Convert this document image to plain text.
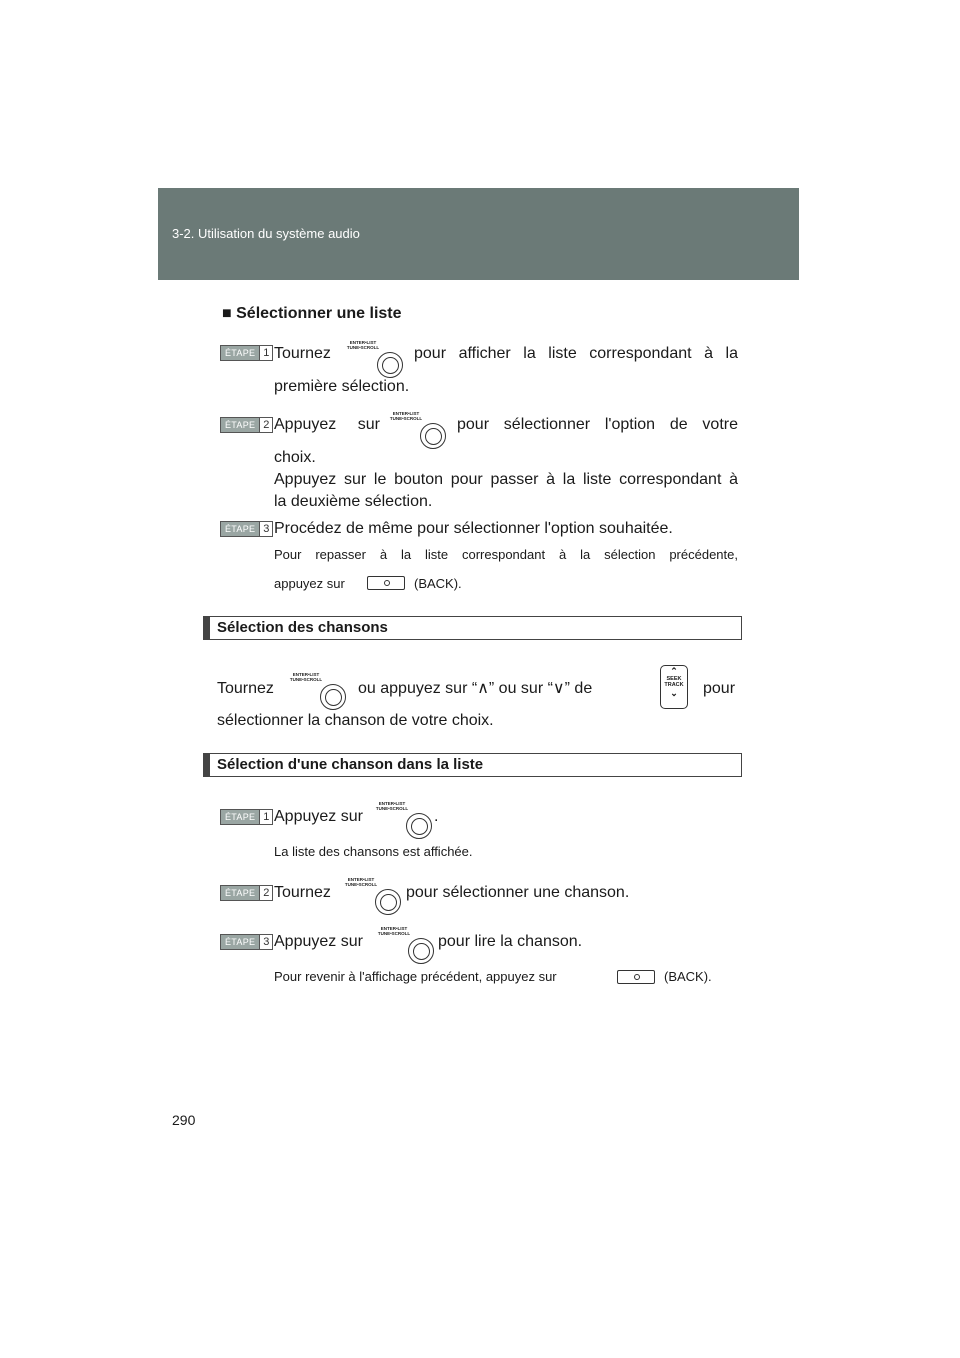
3-2. Utilisation du système audio
■ Sélectionner une liste
ÉTAPE 1 Tournez
ENTER•LIST
TUNE•SCROLL pour afficher la liste correspondant à la
première sélection.
ÉTAPE 2 Appuyez sur
ENTER•LIST
TUNE•SCROLL pour sélectionner l'option de votre
choix.
Appuyez sur le bouton pour passer à la liste correspondant à
la deuxième sélection.
ÉTAPE 3 Procédez de même pour sélectionner l'option souhaitée.
Pour repasser à la liste correspondant à la sélection précédente,
appuyez sur	(BACK).
Sélection des chansons
Tournez
ENTER•LIST
TUNE•SCROLL
ou appuyez sur “∧” ou sur “∨” de
⌃
SEEK
TRACK
⌄	pour
sélectionner la chanson de votre choix.
Sélection d'une chanson dans la liste
ÉTAPE 1 Appuyez sur
ENTER•LIST
TUNE•SCROLL .
La liste des chansons est affichée.
ÉTAPE 2 Tournez
ENTER•LIST
TUNE•SCROLL pour sélectionner une chanson.
ÉTAPE 3 Appuyez sur
ENTER•LIST
TUNE•SCROLL pour lire la chanson.
Pour revenir à l'affichage précédent, appuyez sur	(BACK).
290
